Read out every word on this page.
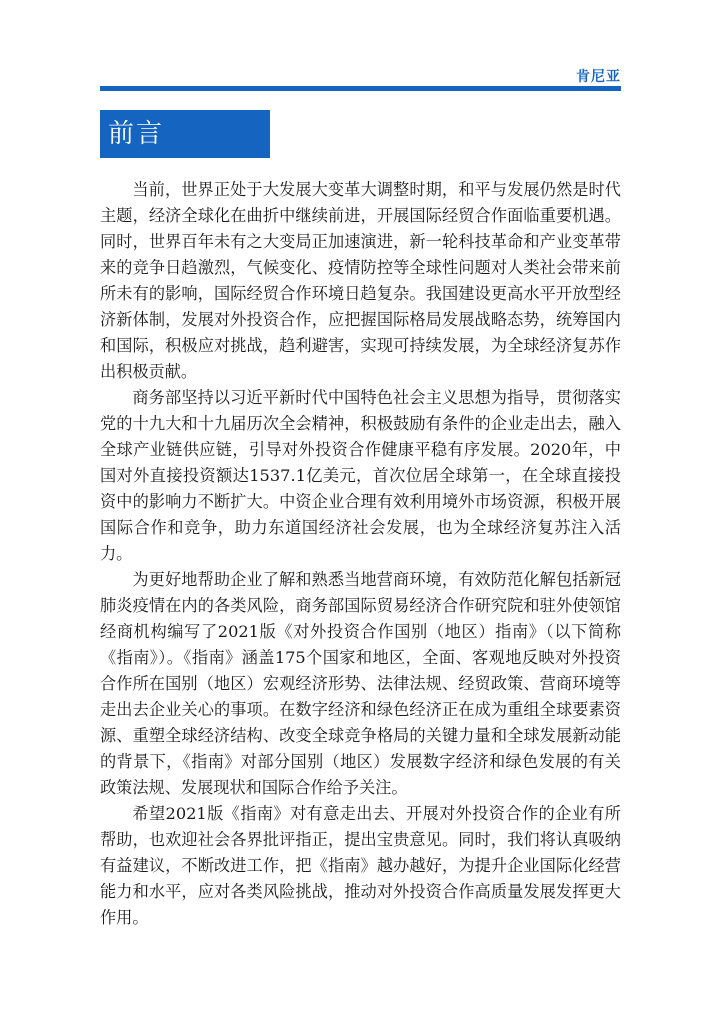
肯尼亚
前言

当前，世界正处于大发展大变革大调整时期，和平与发展仍然是时代主题，经济全球化在曲折中继续前进，开展国际经贸合作面临重要机遇。同时，世界百年未有之大变局正加速演进，新一轮科技革命和产业变革带来的竞争日趋激烈，气候变化、疫情防控等全球性问题对人类社会带来前所未有的影响，国际经贸合作环境日趋复杂。我国建设更高水平开放型经济新体制，发展对外投资合作，应把握国际格局发展战略态势，统筹国内和国际，积极应对挑战，趋利避害，实现可持续发展，为全球经济复苏作出积极贡献。

商务部坚持以习近平新时代中国特色社会主义思想为指导，贯彻落实党的十九大和十九届历次全会精神，积极鼓励有条件的企业走出去，融入全球产业链供应链，引导对外投资合作健康平稳有序发展。2020年，中国对外直接投资额达1537.1亿美元，首次位居全球第一，在全球直接投资中的影响力不断扩大。中资企业合理有效利用境外市场资源，积极开展国际合作和竞争，助力东道国经济社会发展，也为全球经济复苏注入活力。

为更好地帮助企业了解和熟悉当地营商环境，有效防范化解包括新冠肺炎疫情在内的各类风险，商务部国际贸易经济合作研究院和驻外使领馆经商机构编写了2021版《对外投资合作国别（地区）指南》（以下简称《指南》）。《指南》涵盖175个国家和地区，全面、客观地反映对外投资合作所在国别（地区）宏观经济形势、法律法规、经贸政策、营商环境等走出去企业关心的事项。在数字经济和绿色经济正在成为重组全球要素资源、重塑全球经济结构、改变全球竞争格局的关键力量和全球发展新动能的背景下，《指南》对部分国别（地区）发展数字经济和绿色发展的有关政策法规、发展现状和国际合作给予关注。

希望2021版《指南》对有意走出去、开展对外投资合作的企业有所帮助，也欢迎社会各界批评指正，提出宝贵意见。同时，我们将认真吸纳有益建议，不断改进工作，把《指南》越办越好，为提升企业国际化经营能力和水平，应对各类风险挑战，推动对外投资合作高质量发展发挥更大作用。
